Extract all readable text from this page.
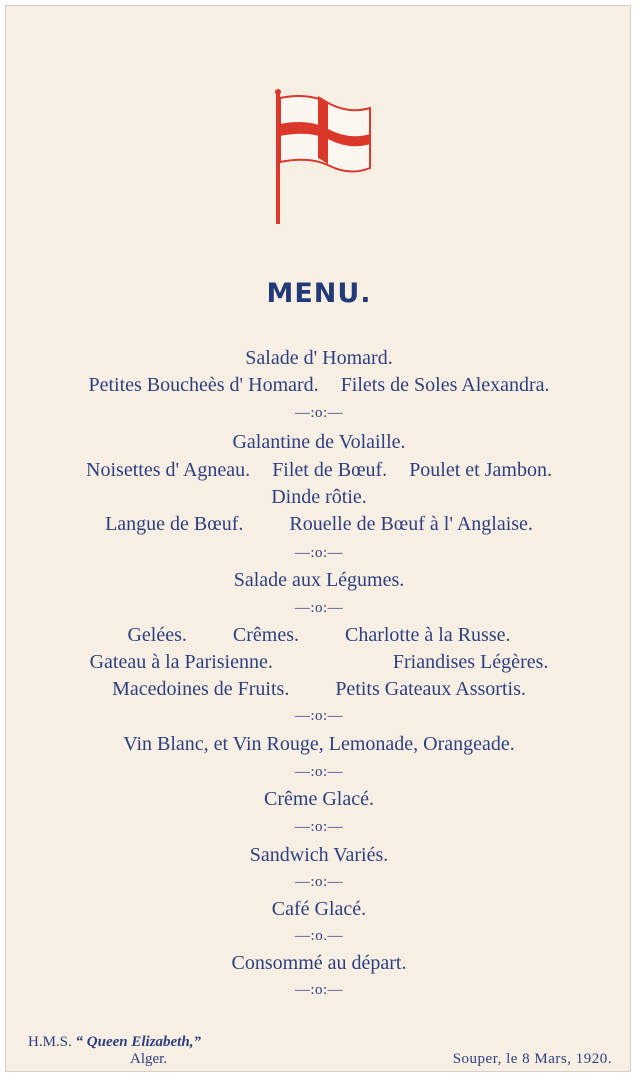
MENU.
Salade d' Homard.
Petites Boucheès d' Homard. Filets de Soles Alexandra.
—:o:—
Galantine de Volaille.
Noisettes d' Agneau. Filet de Bœuf. Poulet et Jambon.
Dinde rôtie.
Langue de Bœuf. Rouelle de Bœuf à l' Anglaise.
—:o:—
Salade aux Légumes.
—:o:—
Gelées. Crêmes. Charlotte à la Russe.
Gateau à la Parisienne.	Friandises Légères.
Macedoines de Fruits. Petits Gateaux Assortis.
—:o:—
Vin Blanc, et Vin Rouge, Lemonade, Orangeade.
—:o:—
Crême Glacé.
—:o:—
Sandwich Variés.
—:o:—
Café Glacé.
—:o.—
Consommé au départ.
—:o:—
H.M.S. “ Queen Elizabeth,”
Alger.	Souper, le 8 Mars, 1920.
